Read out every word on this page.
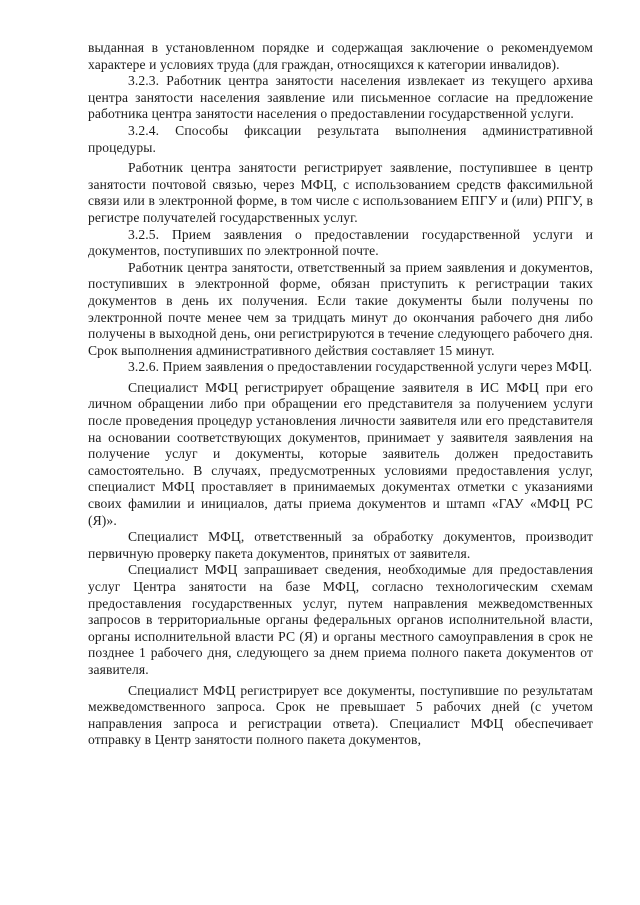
выданная в установленном порядке и содержащая заключение о рекомендуемом характере и условиях труда (для граждан, относящихся к категории инвалидов).

3.2.3. Работник центра занятости населения извлекает из текущего архива центра занятости населения заявление или письменное согласие на предложение работника центра занятости населения о предоставлении государственной услуги.

3.2.4. Способы фиксации результата выполнения административной процедуры.

Работник центра занятости регистрирует заявление, поступившее в центр занятости почтовой связью, через МФЦ, с использованием средств факсимильной связи или в электронной форме, в том числе с использованием ЕПГУ и (или) РПГУ, в регистре получателей государственных услуг.

3.2.5. Прием заявления о предоставлении государственной услуги и документов, поступивших по электронной почте.

Работник центра занятости, ответственный за прием заявления и документов, поступивших в электронной форме, обязан приступить к регистрации таких документов в день их получения. Если такие документы были получены по электронной почте менее чем за тридцать минут до окончания рабочего дня либо получены в выходной день, они регистрируются в течение следующего рабочего дня. Срок выполнения административного действия составляет 15 минут.

3.2.6. Прием заявления о предоставлении государственной услуги через МФЦ.

Специалист МФЦ регистрирует обращение заявителя в ИС МФЦ при его личном обращении либо при обращении его представителя за получением услуги после проведения процедур установления личности заявителя или его представителя на основании соответствующих документов, принимает у заявителя заявления на получение услуг и документы, которые заявитель должен предоставить самостоятельно. В случаях, предусмотренных условиями предоставления услуг, специалист МФЦ проставляет в принимаемых документах отметки с указаниями своих фамилии и инициалов, даты приема документов и штамп «ГАУ «МФЦ РС (Я)».

Специалист МФЦ, ответственный за обработку документов, производит первичную проверку пакета документов, принятых от заявителя.

Специалист МФЦ запрашивает сведения, необходимые для предоставления услуг Центра занятости на базе МФЦ, согласно технологическим схемам предоставления государственных услуг, путем направления межведомственных запросов в территориальные органы федеральных органов исполнительной власти, органы исполнительной власти РС (Я) и органы местного самоуправления в срок не позднее 1 рабочего дня, следующего за днем приема полного пакета документов от заявителя.

Специалист МФЦ регистрирует все документы, поступившие по результатам межведомственного запроса. Срок не превышает 5 рабочих дней (с учетом направления запроса и регистрации ответа). Специалист МФЦ обеспечивает отправку в Центр занятости полного пакета документов,
